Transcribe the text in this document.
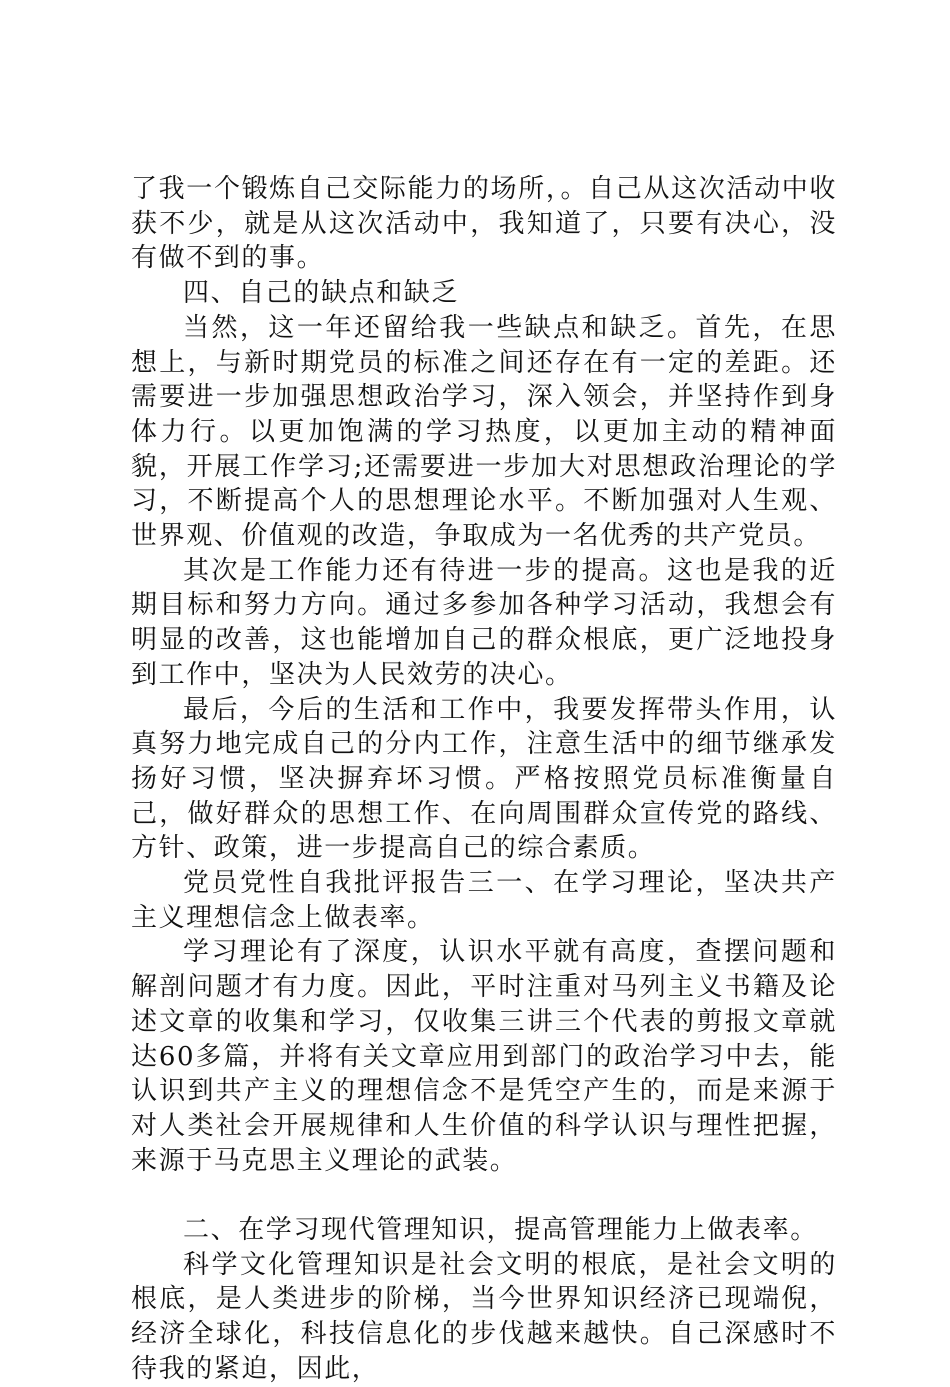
了我一个锻炼自己交际能力的场所，。自己从这次活动中收获不少，就是从这次活动中，我知道了，只要有决心，没有做不到的事。

四、自己的缺点和缺乏

当然，这一年还留给我一些缺点和缺乏。首先，在思想上，与新时期党员的标准之间还存在有一定的差距。还需要进一步加强思想政治学习，深入领会，并坚持作到身体力行。以更加饱满的学习热度，以更加主动的精神面貌，开展工作学习;还需要进一步加大对思想政治理论的学习，不断提高个人的思想理论水平。不断加强对人生观、世界观、价值观的改造，争取成为一名优秀的共产党员。

其次是工作能力还有待进一步的提高。这也是我的近期目标和努力方向。通过多参加各种学习活动，我想会有明显的改善，这也能增加自己的群众根底，更广泛地投身到工作中，坚决为人民效劳的决心。

最后，今后的生活和工作中，我要发挥带头作用，认真努力地完成自己的分内工作，注意生活中的细节继承发扬好习惯，坚决摒弃坏习惯。严格按照党员标准衡量自己，做好群众的思想工作、在向周围群众宣传党的路线、方针、政策，进一步提高自己的综合素质。

党员党性自我批评报告三一、在学习理论，坚决共产主义理想信念上做表率。

学习理论有了深度，认识水平就有高度，查摆问题和解剖问题才有力度。因此，平时注重对马列主义书籍及论述文章的收集和学习，仅收集三讲三个代表的剪报文章就达60多篇，并将有关文章应用到部门的政治学习中去，能认识到共产主义的理想信念不是凭空产生的，而是来源于对人类社会开展规律和人生价值的科学认识与理性把握，来源于马克思主义理论的武装。

二、在学习现代管理知识，提高管理能力上做表率。

科学文化管理知识是社会文明的根底，是社会文明的根底，是人类进步的阶梯，当今世界知识经济已现端倪，经济全球化，科技信息化的步伐越来越快。自己深感时不待我的紧迫，因此，
